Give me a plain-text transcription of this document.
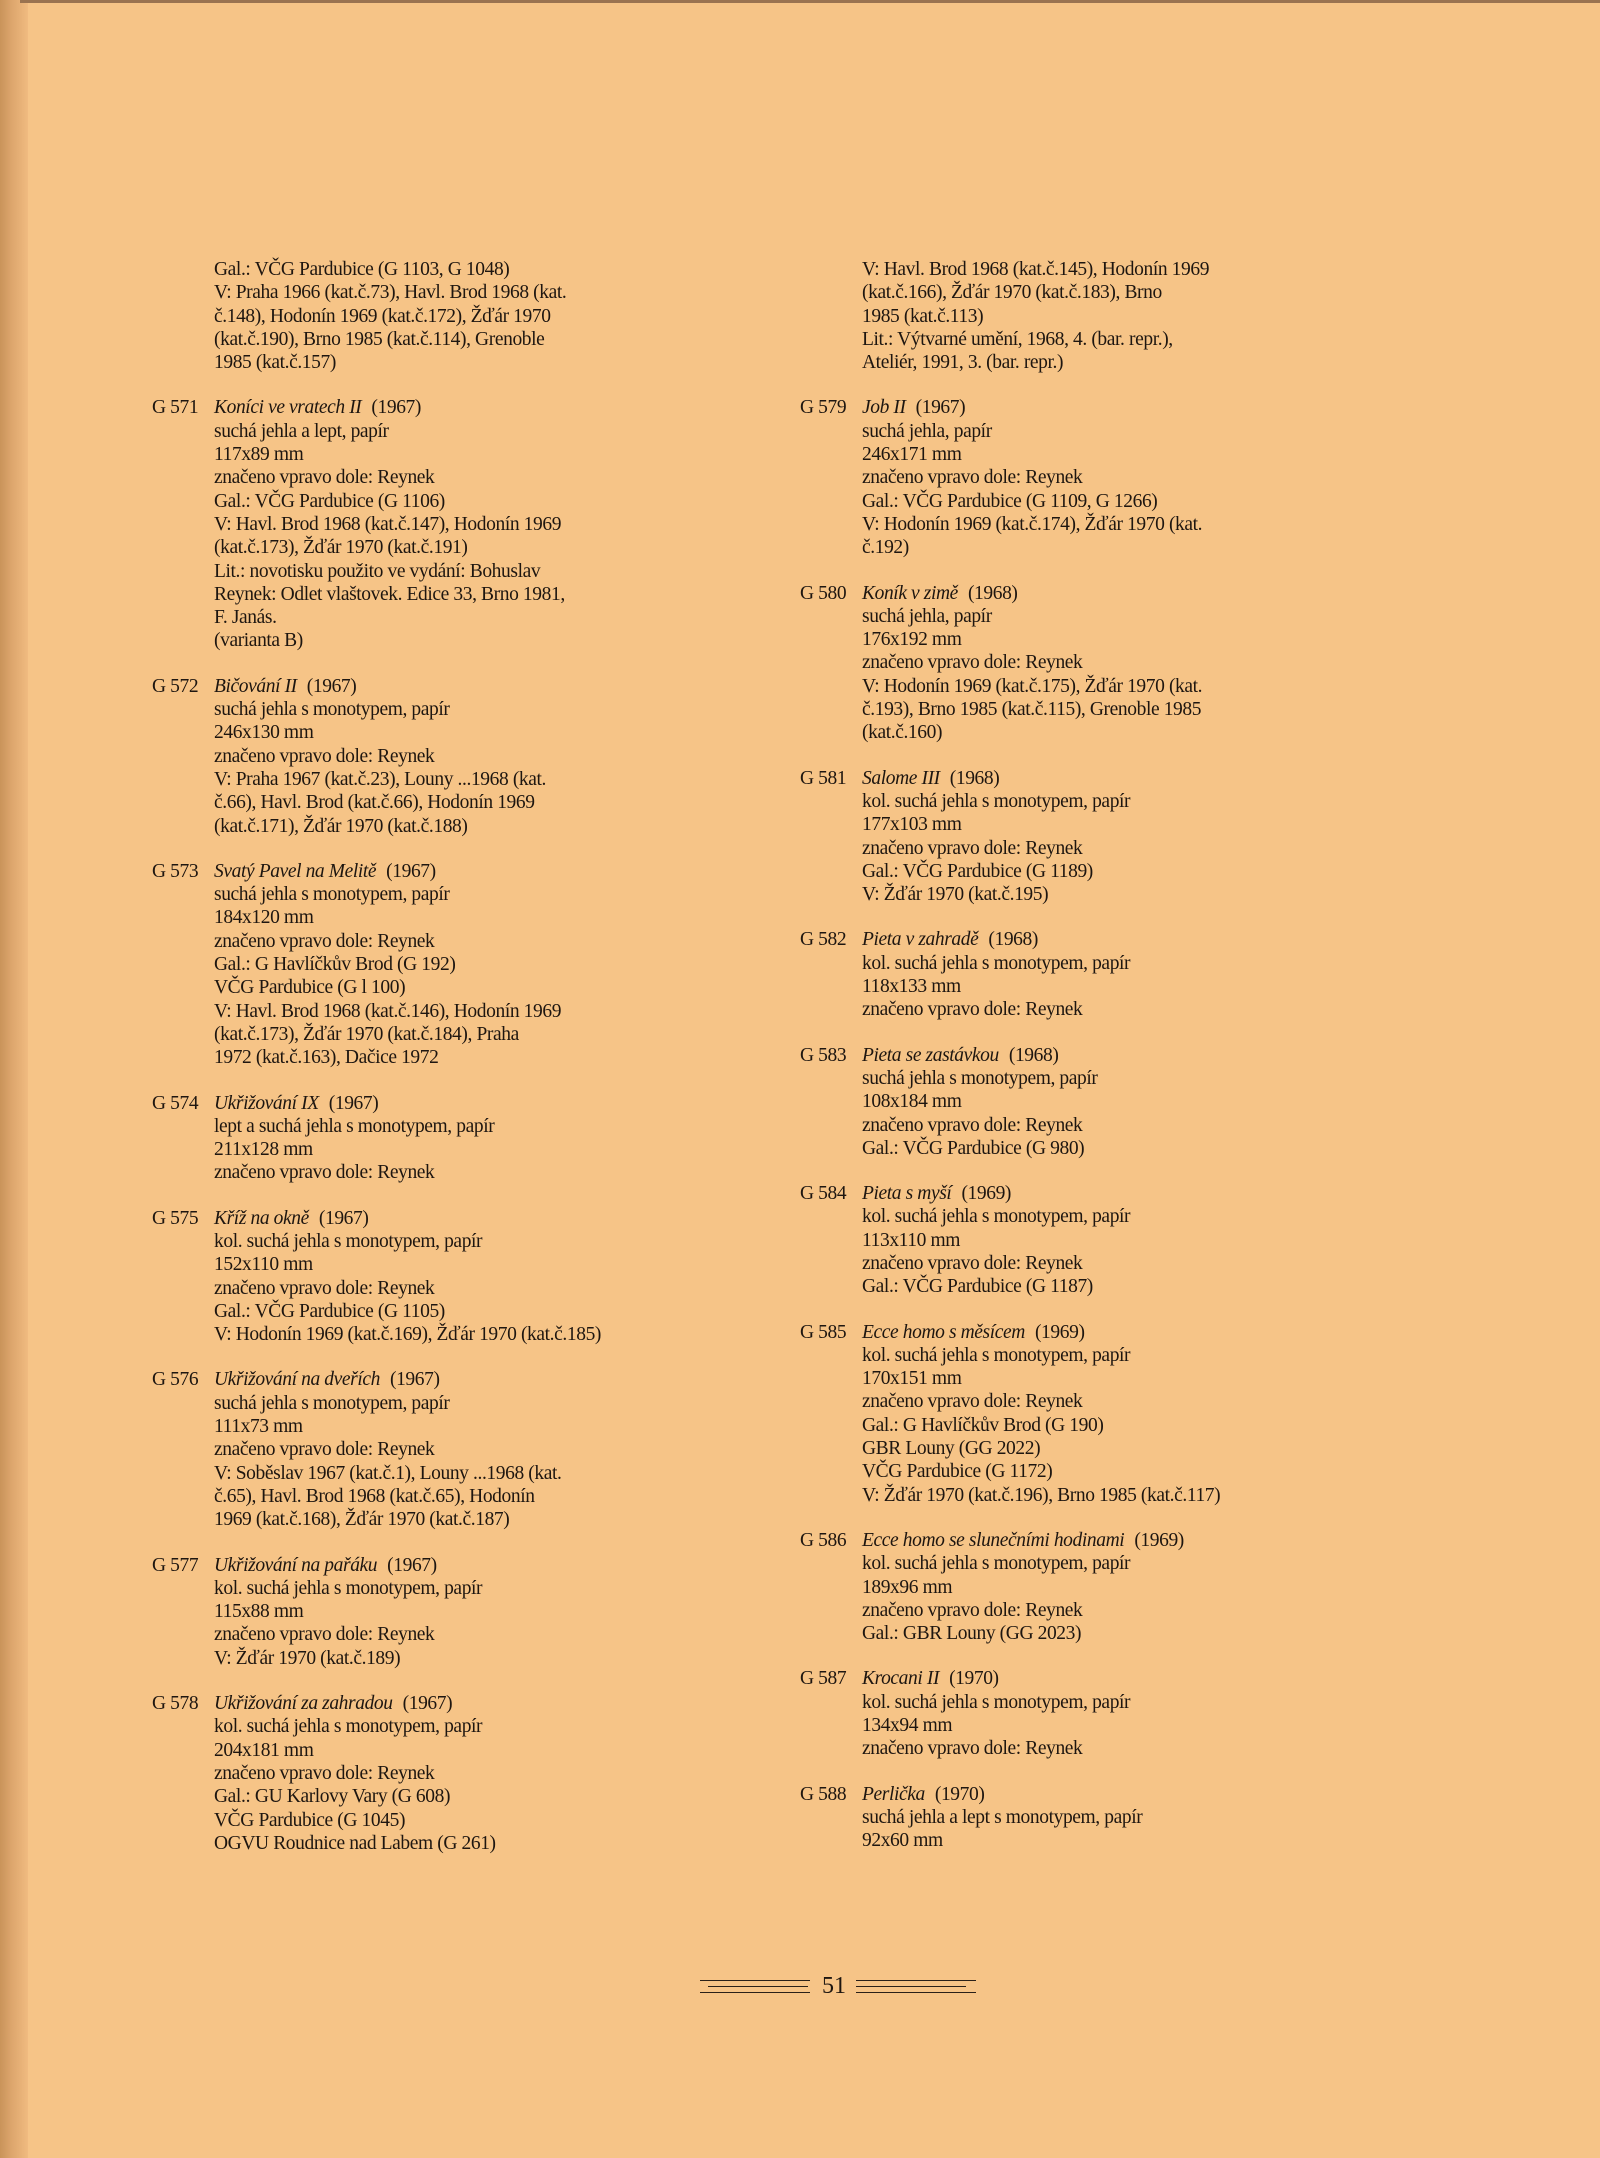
Gal.: VČG Pardubice (G 1103, G 1048)
V: Praha 1966 (kat.č.73), Havl. Brod 1968 (kat.
č.148), Hodonín 1969 (kat.č.172), Žďár 1970
(kat.č.190), Brno 1985 (kat.č.114), Grenoble
1985 (kat.č.157)
G 571 Koníci ve vratech II (1967)
suchá jehla a lept, papír
117x89 mm
značeno vpravo dole: Reynek
Gal.: VČG Pardubice (G 1106)
V: Havl. Brod 1968 (kat.č.147), Hodonín 1969
(kat.č.173), Žďár 1970 (kat.č.191)
Lit.: novotisku použito ve vydání: Bohuslav
Reynek: Odlet vlaštovek. Edice 33, Brno 1981,
F. Janás.
(varianta B)
G 572 Bičování II (1967)
suchá jehla s monotypem, papír
246x130 mm
značeno vpravo dole: Reynek
V: Praha 1967 (kat.č.23), Louny ...1968 (kat.
č.66), Havl. Brod (kat.č.66), Hodonín 1969
(kat.č.171), Žďár 1970 (kat.č.188)
G 573 Svatý Pavel na Melitě (1967)
suchá jehla s monotypem, papír
184x120 mm
značeno vpravo dole: Reynek
Gal.: G Havlíčkův Brod (G 192)
VČG Pardubice (G l 100)
V: Havl. Brod 1968 (kat.č.146), Hodonín 1969
(kat.č.173), Žďár 1970 (kat.č.184), Praha
1972 (kat.č.163), Dačice 1972
G 574 Ukřižování IX (1967)
lept a suchá jehla s monotypem, papír
211x128 mm
značeno vpravo dole: Reynek
G 575 Kříž na okně (1967)
kol. suchá jehla s monotypem, papír
152x110 mm
značeno vpravo dole: Reynek
Gal.: VČG Pardubice (G 1105)
V: Hodonín 1969 (kat.č.169), Žďár 1970 (kat.č.185)
G 576 Ukřižování na dveřích (1967)
suchá jehla s monotypem, papír
111x73 mm
značeno vpravo dole: Reynek
V: Soběslav 1967 (kat.č.1), Louny ...1968 (kat.
č.65), Havl. Brod 1968 (kat.č.65), Hodonín
1969 (kat.č.168), Žďár 1970 (kat.č.187)
G 577 Ukřižování na pařáku (1967)
kol. suchá jehla s monotypem, papír
115x88 mm
značeno vpravo dole: Reynek
V: Žďár 1970 (kat.č.189)
G 578 Ukřižování za zahradou (1967)
kol. suchá jehla s monotypem, papír
204x181 mm
značeno vpravo dole: Reynek
Gal.: GU Karlovy Vary (G 608)
VČG Pardubice (G 1045)
OGVU Roudnice nad Labem (G 261)
V: Havl. Brod 1968 (kat.č.145), Hodonín 1969
(kat.č.166), Žďár 1970 (kat.č.183), Brno
1985 (kat.č.113)
Lit.: Výtvarné umění, 1968, 4. (bar. repr.),
Ateliér, 1991, 3. (bar. repr.)
G 579 Job II (1967)
suchá jehla, papír
246x171 mm
značeno vpravo dole: Reynek
Gal.: VČG Pardubice (G 1109, G 1266)
V: Hodonín 1969 (kat.č.174), Žďár 1970 (kat.
č.192)
G 580 Koník v zimě (1968)
suchá jehla, papír
176x192 mm
značeno vpravo dole: Reynek
V: Hodonín 1969 (kat.č.175), Žďár 1970 (kat.
č.193), Brno 1985 (kat.č.115), Grenoble 1985
(kat.č.160)
G 581 Salome III (1968)
kol. suchá jehla s monotypem, papír
177x103 mm
značeno vpravo dole: Reynek
Gal.: VČG Pardubice (G 1189)
V: Žďár 1970 (kat.č.195)
G 582 Pieta v zahradě (1968)
kol. suchá jehla s monotypem, papír
118x133 mm
značeno vpravo dole: Reynek
G 583 Pieta se zastávkou (1968)
suchá jehla s monotypem, papír
108x184 mm
značeno vpravo dole: Reynek
Gal.: VČG Pardubice (G 980)
G 584 Pieta s myší (1969)
kol. suchá jehla s monotypem, papír
113x110 mm
značeno vpravo dole: Reynek
Gal.: VČG Pardubice (G 1187)
G 585 Ecce homo s měsícem (1969)
kol. suchá jehla s monotypem, papír
170x151 mm
značeno vpravo dole: Reynek
Gal.: G Havlíčkův Brod (G 190)
GBR Louny (GG 2022)
VČG Pardubice (G 1172)
V: Žďár 1970 (kat.č.196), Brno 1985 (kat.č.117)
G 586 Ecce homo se slunečními hodinami (1969)
kol. suchá jehla s monotypem, papír
189x96 mm
značeno vpravo dole: Reynek
Gal.: GBR Louny (GG 2023)
G 587 Krocani II (1970)
kol. suchá jehla s monotypem, papír
134x94 mm
značeno vpravo dole: Reynek
G 588 Perlička (1970)
suchá jehla a lept s monotypem, papír
92x60 mm
51
